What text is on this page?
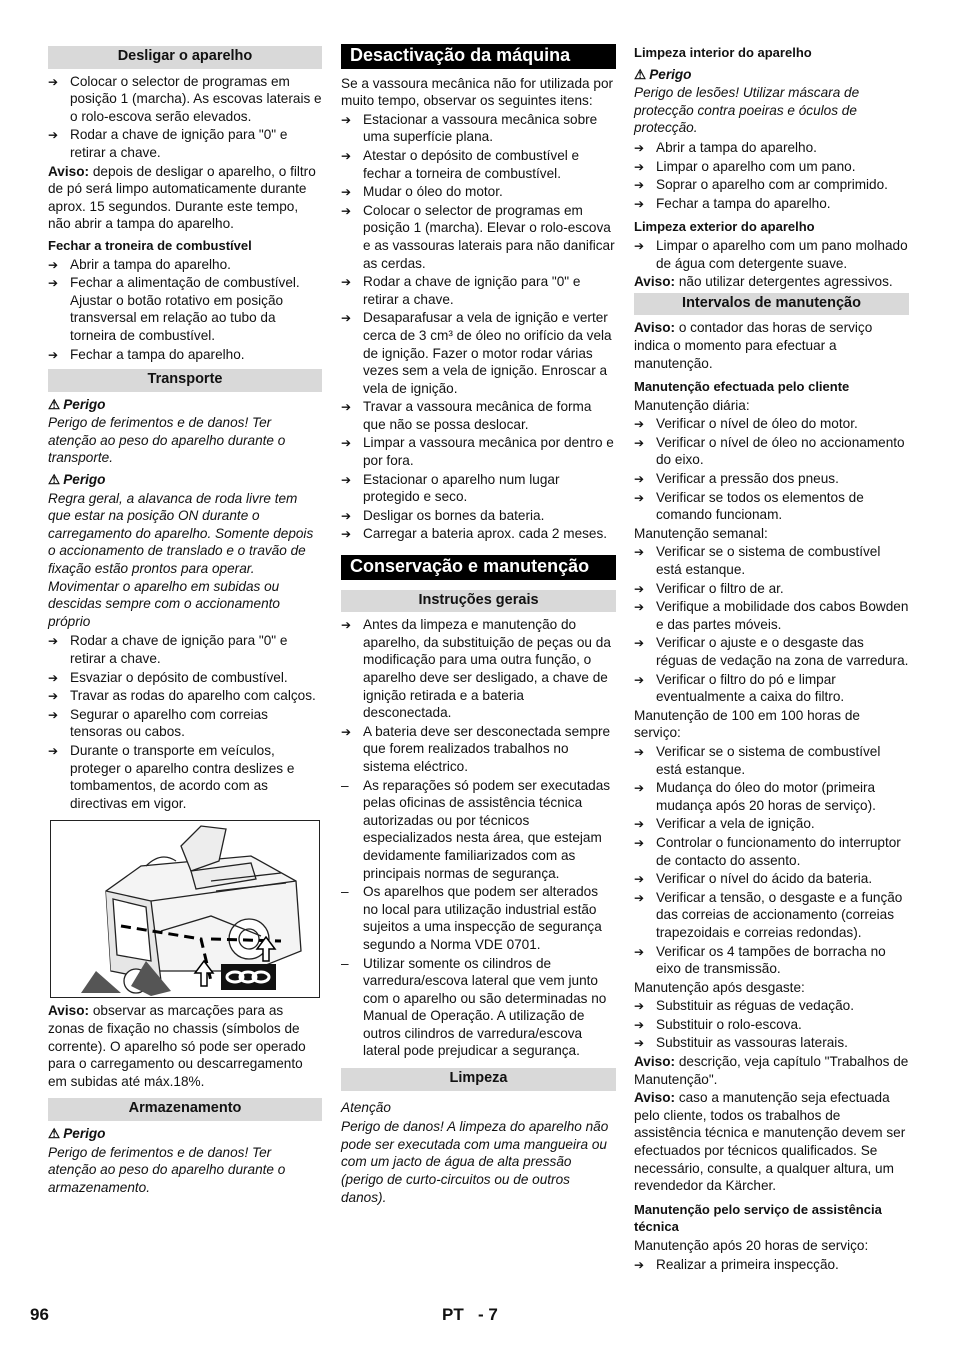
Desligar o aparelho
➔
Colocar o selector de programas em posição 1 (marcha). As escovas laterais e o rolo-escova serão elevados.
➔
Rodar a chave de ignição para "0" e retirar a chave.

Aviso: depois de desligar o aparelho, o filtro de pó será limpo automaticamente durante aprox. 15 segundos. Durante este tempo, não abrir a tampa do aparelho.

Fechar a troneira de combustível
➔
Abrir a tampa do aparelho.
➔
Fechar a alimentação de combustível. Ajustar o botão rotativo em posição transversal em relação ao tubo da torneira de combustível.
➔
Fechar a tampa do aparelho.
Transporte
⚠ Perigo

Perigo de ferimentos e de danos! Ter atenção ao peso do aparelho durante o transporte.

⚠ Perigo

Regra geral, a alavanca de roda livre tem que estar na posição ON durante o carregamento do aparelho. Somente depois o accionamento de translado e o travão de fixação estão prontos para operar. Movimentar o aparelho em subidas ou descidas sempre com o accionamento próprio

➔
Rodar a chave de ignição para "0" e retirar a chave.
➔
Esvaziar o depósito de combustível.
➔
Travar as rodas do aparelho com calços.
➔
Segurar o aparelho com correias tensoras ou cabos.
➔
Durante o transporte em veículos, proteger o aparelho contra deslizes e tombamentos, de acordo com as directivas em vigor.

Aviso: observar as marcações para as zonas de fixação no chassis (símbolos de corrente). O aparelho só pode ser operado para o carregamento ou descarregamento em subidas até máx.18%.

Armazenamento
⚠ Perigo

Perigo de ferimentos e de danos! Ter atenção ao peso do aparelho durante o armazenamento.

Desactivação da máquina

Se a vassoura mecânica não for utilizada por muito tempo, observar os seguintes itens:

➔
Estacionar a vassoura mecânica sobre uma superfície plana.
➔
Atestar o depósito de combustível e fechar a torneira de combustível.
➔
Mudar o óleo do motor.
➔
Colocar o selector de programas em posição 1 (marcha). Elevar o rolo-escova e as vassouras laterais para não danificar as cerdas.
➔
Rodar a chave de ignição para "0" e retirar a chave.
➔
Desaparafusar a vela de ignição e verter cerca de 3 cm³ de óleo no orifício da vela de ignição. Fazer o motor rodar várias vezes sem a vela de ignição. Enroscar a vela de ignição.
➔
Travar a vassoura mecânica de forma que não se possa deslocar.
➔
Limpar a vassoura mecânica por dentro e por fora.
➔
Estacionar o aparelho num lugar protegido e seco.
➔
Desligar os bornes da bateria.
➔
Carregar a bateria aprox. cada 2 meses.
Conservação e manutenção
Instruções gerais
➔
Antes da limpeza e manutenção do aparelho, da substituição de peças ou da modificação para uma outra função, o aparelho deve ser desligado, a chave de ignição retirada e a bateria desconectada.
➔
A bateria deve ser desconectada sempre que forem realizados trabalhos no sistema eléctrico.
–
As reparações só podem ser executadas pelas oficinas de assistência técnica autorizadas ou por técnicos especializados nesta área, que estejam devidamente familiarizados com as principais normas de segurança.
–
Os aparelhos que podem ser alterados no local para utilização industrial estão sujeitos a uma inspecção de segurança segundo a Norma VDE 0701.
–
Utilizar somente os cilindros de varredura/escova lateral que vem junto com o aparelho ou são determinadas no Manual de Operação. A utilização de outros cilindros de varredura/escova lateral pode prejudicar a segurança.
Limpeza
Atenção

Perigo de danos! A limpeza do aparelho não pode ser executada com uma mangueira ou com um jacto de água de alta pressão (perigo de curto-circuitos ou de outros danos).

Limpeza interior do aparelho
⚠ Perigo

Perigo de lesões! Utilizar máscara de protecção contra poeiras e óculos de protecção.

➔
Abrir a tampa do aparelho.
➔
Limpar o aparelho com um pano.
➔
Soprar o aparelho com ar comprimido.
➔
Fechar a tampa do aparelho.
Limpeza exterior do aparelho
➔
Limpar o aparelho com um pano molhado de água com detergente suave.

Aviso: não utilizar detergentes agressivos.

Intervalos de manutenção

Aviso: o contador das horas de serviço indica o momento para efectuar a manutenção.

Manutenção efectuada pelo cliente

Manutenção diária:

➔
Verificar o nível de óleo do motor.
➔
Verificar o nível de óleo no accionamento do eixo.
➔
Verificar a pressão dos pneus.
➔
Verificar se todos os elementos de comando funcionam.

Manutenção semanal:

➔
Verificar se o sistema de combustível está estanque.
➔
Verificar o filtro de ar.
➔
Verifique a mobilidade dos cabos Bowden e das partes móveis.
➔
Verificar o ajuste e o desgaste das réguas de vedação na zona de varredura.
➔
Verificar o filtro do pó e limpar eventualmente a caixa do filtro.

Manutenção de 100 em 100 horas de serviço:

➔
Verificar se o sistema de combustível está estanque.
➔
Mudança do óleo do motor (primeira mudança após 20 horas de serviço).
➔
Verificar a vela de ignição.
➔
Controlar o funcionamento do interruptor de contacto do assento.
➔
Verificar o nível do ácido da bateria.
➔
Verificar a tensão, o desgaste e a função das correias de accionamento (correias trapezoidais e correias redondas).
➔
Verificar os 4 tampões de borracha no eixo de transmissão.

Manutenção após desgaste:

➔
Substituir as réguas de vedação.
➔
Substituir o rolo-escova.
➔
Substituir as vassouras laterais.

Aviso: descrição, veja capítulo "Trabalhos de Manutenção".

Aviso: caso a manutenção seja efectuada pelo cliente, todos os trabalhos de assistência técnica e manutenção devem ser efectuados por técnicos qualificados. Se necessário, consulte, a qualquer altura, um revendedor da Kärcher.

Manutenção pelo serviço de assistência técnica

Manutenção após 20 horas de serviço:

➔
Realizar a primeira inspecção.
96	PT - 7
